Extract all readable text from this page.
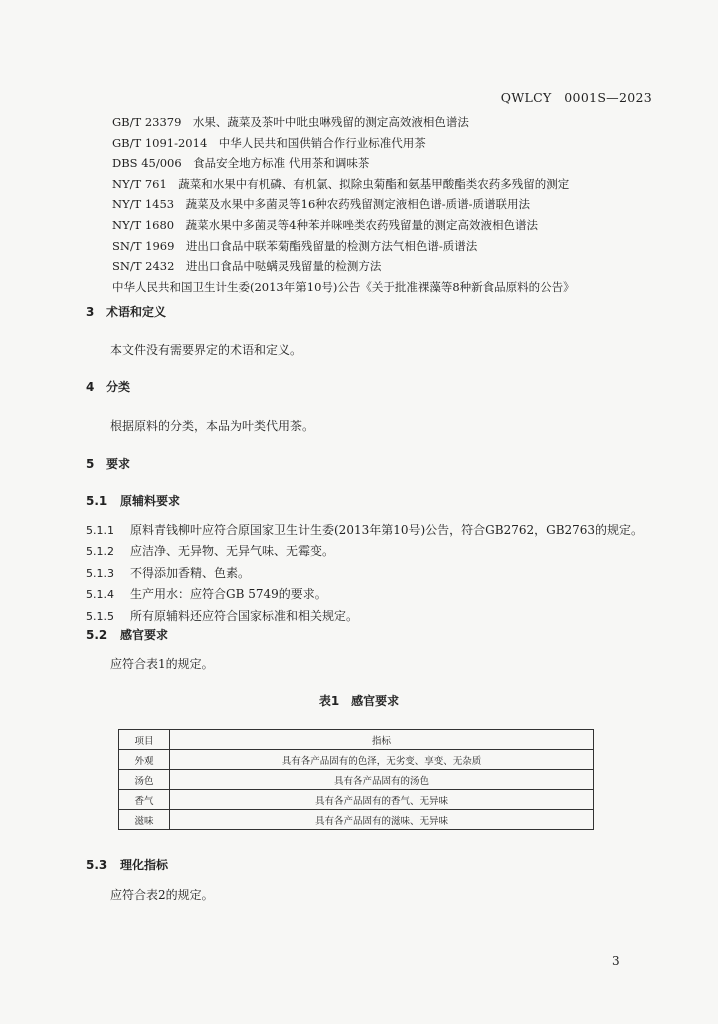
QWLCY　0001S—2023
GB/T 23379　 水果、蔬菜及茶叶中吡虫啉残留的测定高效液相色谱法
GB/T 1091-2014　 中华人民共和国供销合作行业标准代用茶
DBS 45/006　 食品安全地方标准 代用茶和调味茶
NY/T 761　 蔬菜和水果中有机磷、有机氯、拟除虫菊酯和氨基甲酸酯类农药多残留的测定
NY/T 1453　 蔬菜及水果中多菌灵等16种农药残留测定液相色谱-质谱-质谱联用法
NY/T 1680　 蔬菜水果中多菌灵等4种苯并咪唑类农药残留量的测定高效液相色谱法
SN/T 1969　 进出口食品中联苯菊酯残留量的检测方法气相色谱-质谱法
SN/T 2432　 进出口食品中哒螨灵残留量的检测方法
中华人民共和国卫生计生委(2013年第10号)公告《关于批准裸藻等8种新食品原料的公告》
3 术语和定义
本文件没有需要界定的术语和定义。
4 分类
根据原料的分类，本品为叶类代用茶。
5 要求
5.1 原辅料要求
5.1.1 原料青钱柳叶应符合原国家卫生计生委(2013年第10号)公告，符合GB2762，GB2763的规定。
5.1.2 应洁净、无异物、无异气味、无霉变。
5.1.3 不得添加香精、色素。
5.1.4 生产用水：应符合GB 5749的要求。
5.1.5 所有原辅料还应符合国家标准和相关规定。
5.2 感官要求
应符合表1的规定。
表1　感官要求
项目	指标
外观	具有各产品固有的色泽，无劣变、享变、无杂质
汤色	具有各产品固有的汤色
香气	具有各产品固有的香气、无异味
滋味	具有各产品固有的滋味、无异味
5.3 理化指标
应符合表2的规定。
3
